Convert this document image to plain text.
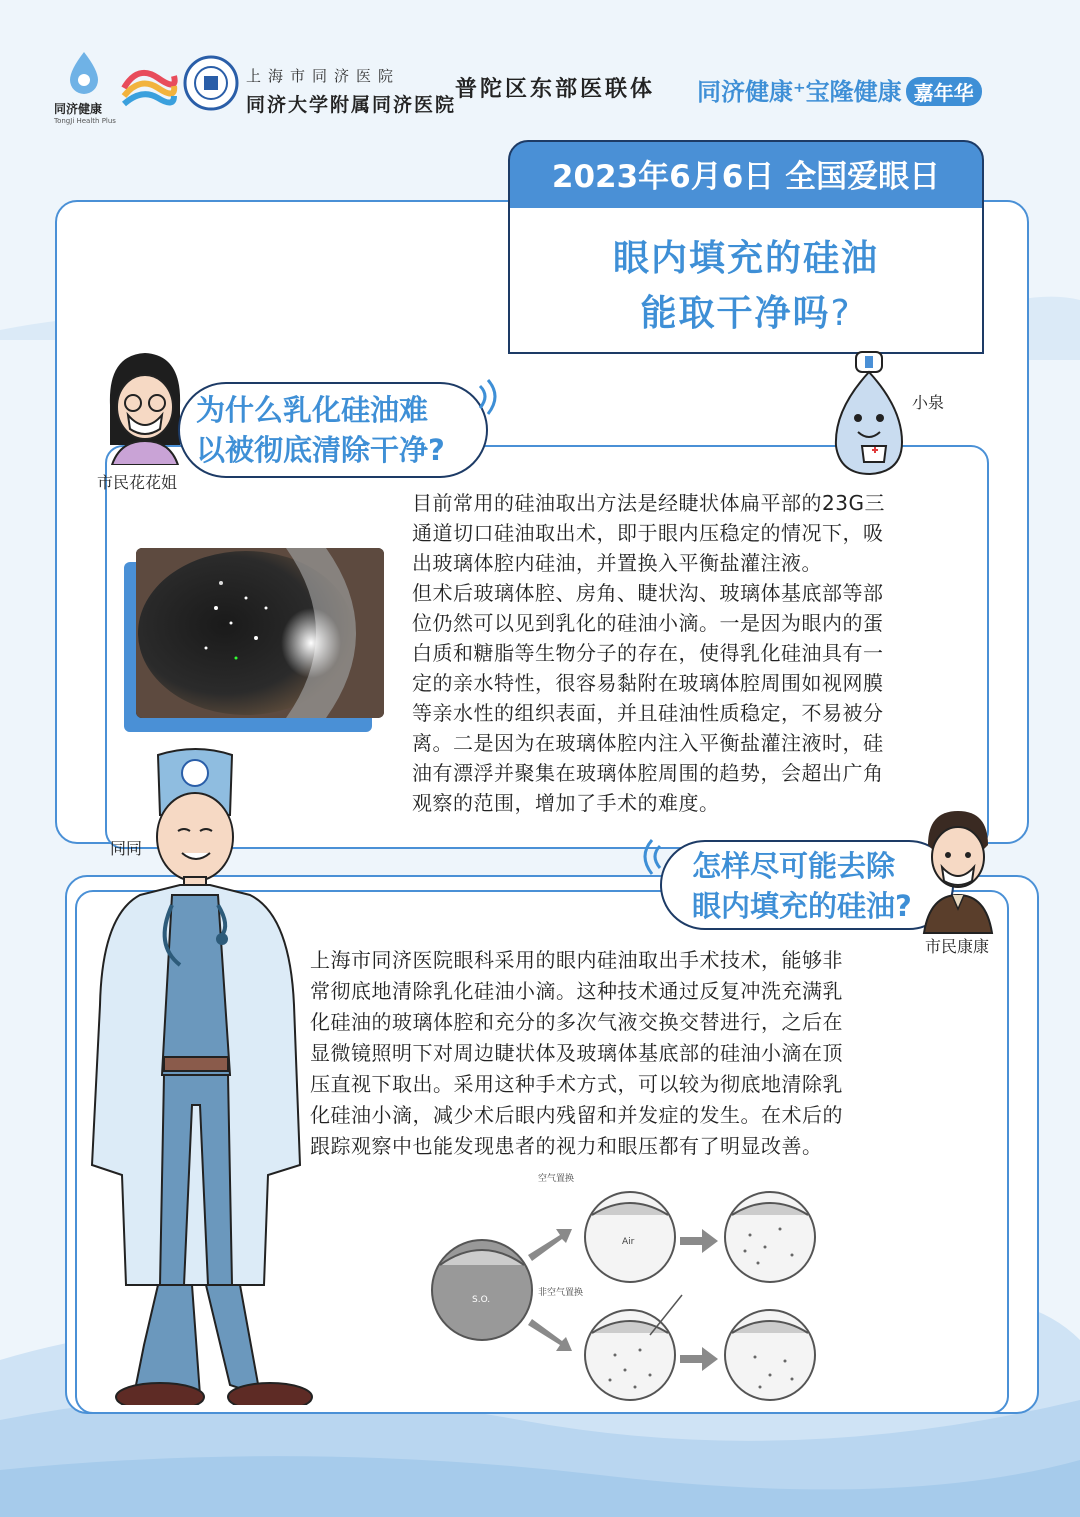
同济健康
TongJi Health Plus
上海市同济医院
同济大学附属同济医院
普陀区东部医联体 同济健康⁺宝隆健康 嘉年华
2023年6月6日 全国爱眼日
眼内填充的硅油
能取干净吗?
市民花花姐
为什么乳化硅油难
以被彻底清除干净?
小泉
目前常用的硅油取出方法是经睫状体扁平部的23G三
通道切口硅油取出术，即于眼内压稳定的情况下，吸
出玻璃体腔内硅油，并置换入平衡盐灌注液。
但术后玻璃体腔、房角、睫状沟、玻璃体基底部等部
位仍然可以见到乳化的硅油小滴。一是因为眼内的蛋
白质和糖脂等生物分子的存在，使得乳化硅油具有一
定的亲水特性，很容易黏附在玻璃体腔周围如视网膜
等亲水性的组织表面，并且硅油性质稳定，不易被分
离。二是因为在玻璃体腔内注入平衡盐灌注液时，硅
油有漂浮并聚集在玻璃体腔周围的趋势，会超出广角
观察的范围，增加了手术的难度。
怎样尽可能去除
眼内填充的硅油?
市民康康
同同
上海市同济医院眼科采用的眼内硅油取出手术技术，能够非
常彻底地清除乳化硅油小滴。这种技术通过反复冲洗充满乳
化硅油的玻璃体腔和充分的多次气液交换交替进行，之后在
显微镜照明下对周边睫状体及玻璃体基底部的硅油小滴在顶
压直视下取出。采用这种手术方式，可以较为彻底地清除乳
化硅油小滴，减少术后眼内残留和并发症的发生。在术后的
跟踪观察中也能发现患者的视力和眼压都有了明显改善。
空气置换
非空气置换
S.O.
Air
